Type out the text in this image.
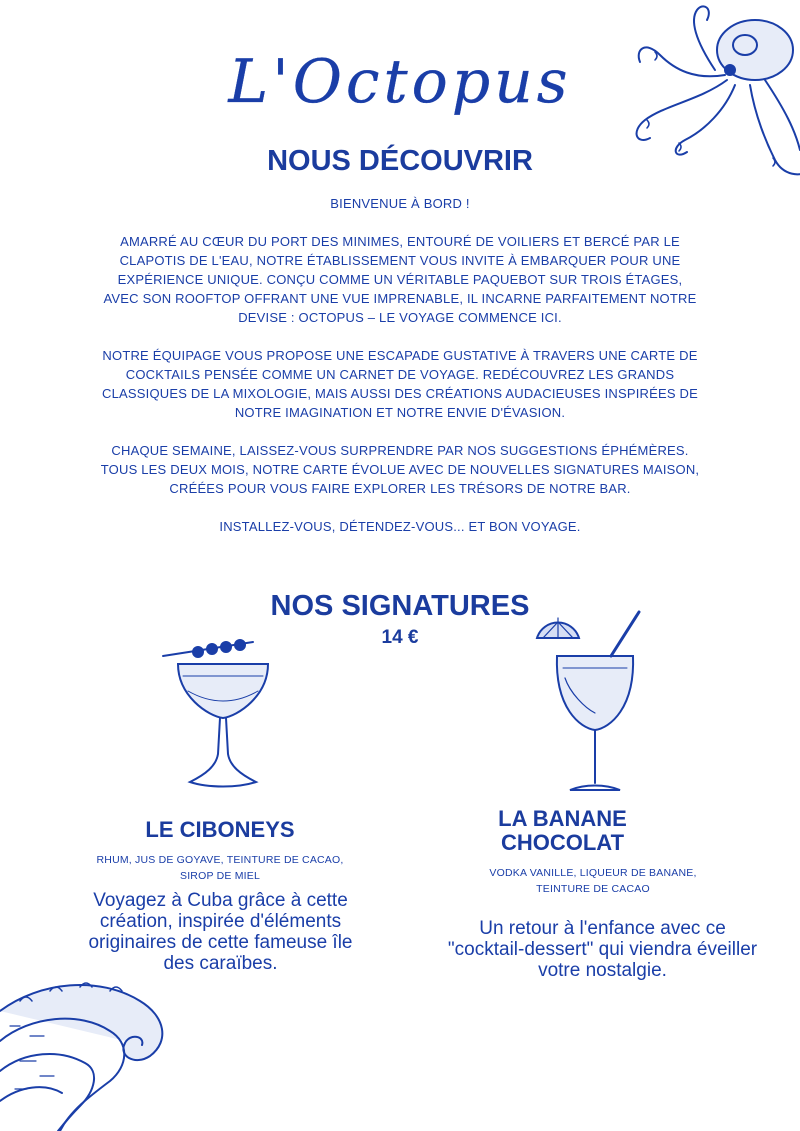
L'Octopus
NOUS DÉCOUVRIR

BIENVENUE À BORD !

AMARRÉ AU CŒUR DU PORT DES MINIMES, ENTOURÉ DE VOILIERS ET BERCÉ PAR LE CLAPOTIS DE L'EAU, NOTRE ÉTABLISSEMENT VOUS INVITE À EMBARQUER POUR UNE EXPÉRIENCE UNIQUE. CONÇU COMME UN VÉRITABLE PAQUEBOT SUR TROIS ÉTAGES, AVEC SON ROOFTOP OFFRANT UNE VUE IMPRENABLE, IL INCARNE PARFAITEMENT NOTRE DEVISE : OCTOPUS – LE VOYAGE COMMENCE ICI.

NOTRE ÉQUIPAGE VOUS PROPOSE UNE ESCAPADE GUSTATIVE À TRAVERS UNE CARTE DE COCKTAILS PENSÉE COMME UN CARNET DE VOYAGE. REDÉCOUVREZ LES GRANDS CLASSIQUES DE LA MIXOLOGIE, MAIS AUSSI DES CRÉATIONS AUDACIEUSES INSPIRÉES DE NOTRE IMAGINATION ET NOTRE ENVIE D'ÉVASION.

CHAQUE SEMAINE, LAISSEZ-VOUS SURPRENDRE PAR NOS SUGGESTIONS ÉPHÉMÈRES. TOUS LES DEUX MOIS, NOTRE CARTE ÉVOLUE AVEC DE NOUVELLES SIGNATURES MAISON, CRÉÉES POUR VOUS FAIRE EXPLORER LES TRÉSORS DE NOTRE BAR.

INSTALLEZ-VOUS, DÉTENDEZ-VOUS... ET BON VOYAGE.

NOS SIGNATURES
14 €
LE CIBONEYS
RHUM, JUS DE GOYAVE, TEINTURE DE CACAO, SIROP DE MIEL
Voyagez à Cuba grâce à cette création, inspirée d'éléments originaires de cette fameuse île des caraïbes.
LA BANANE CHOCOLAT
VODKA VANILLE, LIQUEUR DE BANANE, TEINTURE DE CACAO
Un retour à l'enfance avec ce "cocktail-dessert" qui viendra éveiller votre nostalgie.
